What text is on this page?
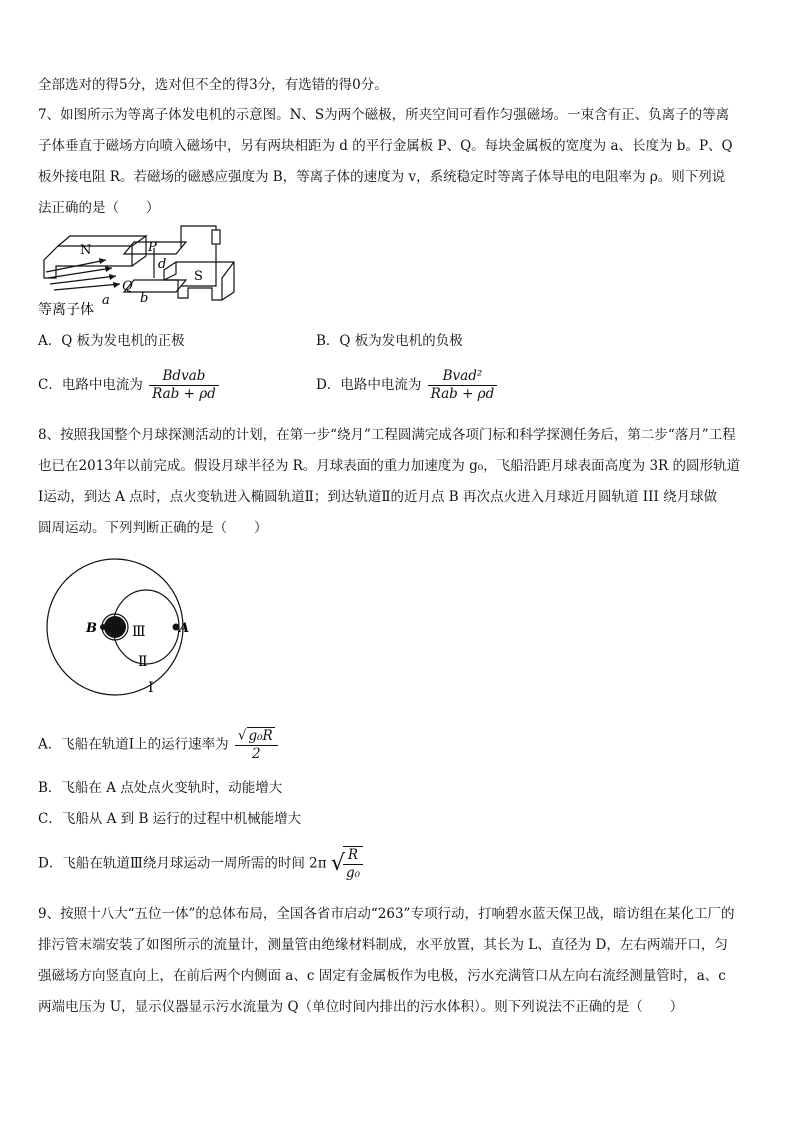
全部选对的得5分，选对但不全的得3分，有选错的得0分。
7、如图所示为等离子体发电机的示意图。N、S为两个磁极，所夹空间可看作匀强磁场。一束含有正、负离子的等离
子体垂直于磁场方向喷入磁场中，另有两块相距为 d 的平行金属板 P、Q。每块金属板的宽度为 a、长度为 b。P、Q
板外接电阻 R。若磁场的磁感应强度为 B，等离子体的速度为 v，系统稳定时等离子体导电的电阻率为 ρ。则下列说
法正确的是（　　）
N	P
d
Q
S
a b
等离子体
A．Q 板为发电机的正极	B．Q 板为发电机的负极
C．电路中电流为 $\frac{\text{Bdvab}}{\text{Rab + ρd}}$	D．电路中电流为 $\frac{\text{Bvad²}}{\text{Rab + ρd}}$
8、按照我国整个月球探测活动的计划，在第一步“绕月”工程圆满完成各项门标和科学探测任务后，第二步“落月”工程
也已在2013年以前完成。假设月球半径为 R。月球表面的重力加速度为 g₀，飞船沿距月球表面高度为 3R 的圆形轨道
Ⅰ运动，到达 A 点时，点火变轨进入椭圆轨道Ⅱ；到达轨道Ⅱ的近月点 B 再次点火进入月球近月圆轨道 III 绕月球做
圆周运动。下列判断正确的是（　　）
B	A
Ⅲ
Ⅱ
Ⅰ
A．飞船在轨道Ⅰ上的运行速率为 $\frac{\text{√ g₀R}}{2}$
B．飞船在 A 点处点火变轨时，动能增大
C．飞船从 A 到 B 运行的过程中机械能增大
D．飞船在轨道Ⅲ绕月球运动一周所需的时间 2π √
$\frac{R}{\text{g₀}}$
9、按照十八大“五位一体”的总体布局，全国各省市启动“263”专项行动，打响碧水蓝天保卫战，暗访组在某化工厂的
排污管末端安装了如图所示的流量计，测量管由绝缘材料制成，水平放置，其长为 L、直径为 D，左右两端开口，匀
强磁场方向竖直向上，在前后两个内侧面 a、c 固定有金属板作为电极，污水充满管口从左向右流经测量管时，a、c
两端电压为 U，显示仪器显示污水流量为 Q（单位时间内排出的污水体积）。则下列说法不正确的是（　　）
